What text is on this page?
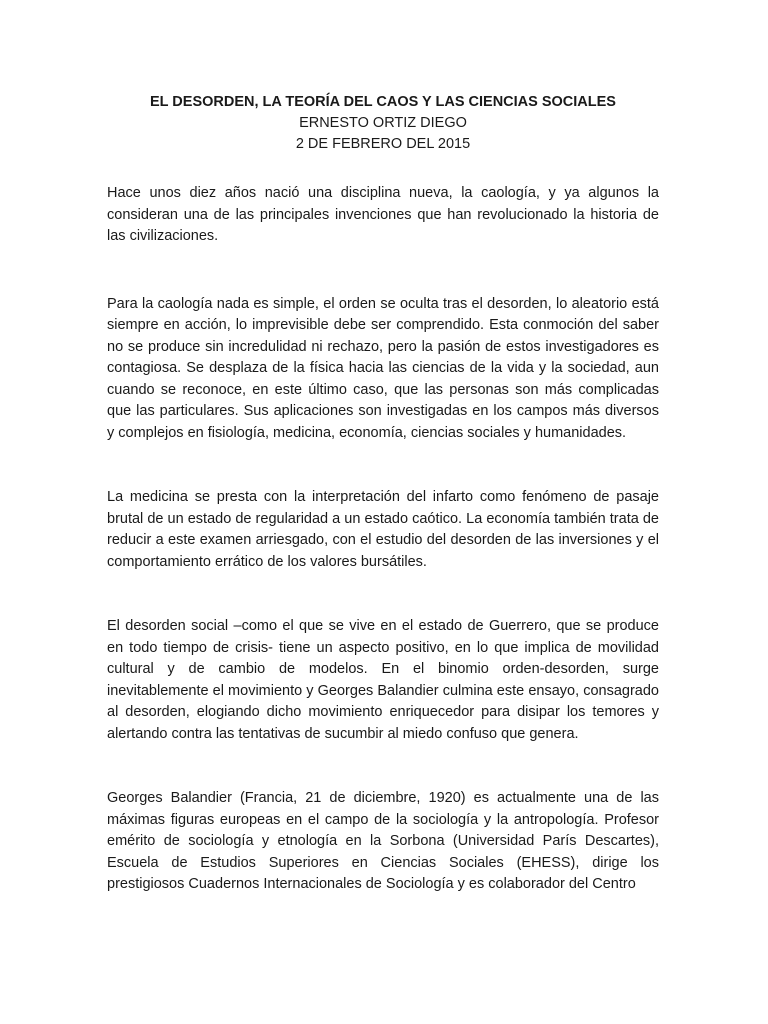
EL DESORDEN, LA TEORÍA DEL CAOS Y LAS CIENCIAS SOCIALES
ERNESTO ORTIZ DIEGO
2 DE FEBRERO DEL 2015

Hace unos diez años nació una disciplina nueva, la caología, y ya algunos la consideran una de las principales invenciones que han revolucionado la historia de las civilizaciones.

Para la caología nada es simple, el orden se oculta tras el desorden, lo aleatorio está siempre en acción, lo imprevisible debe ser comprendido. Esta conmoción del saber no se produce sin incredulidad ni rechazo, pero la pasión de estos investigadores es contagiosa. Se desplaza de la física hacia las ciencias de la vida y la sociedad, aun cuando se reconoce, en este último caso, que las personas son más complicadas que las particulares. Sus aplicaciones son investigadas en los campos más diversos y complejos en fisiología, medicina, economía, ciencias sociales y humanidades.

La medicina se presta con la interpretación del infarto como fenómeno de pasaje brutal de un estado de regularidad a un estado caótico. La economía también trata de reducir a este examen arriesgado, con el estudio del desorden de las inversiones y el comportamiento errático de los valores bursátiles.

El desorden social –como el que se vive en el estado de Guerrero, que se produce en todo tiempo de crisis- tiene un aspecto positivo, en lo que implica de movilidad cultural y de cambio de modelos. En el binomio orden-desorden, surge inevitablemente el movimiento y Georges Balandier culmina este ensayo, consagrado al desorden, elogiando dicho movimiento enriquecedor para disipar los temores y alertando contra las tentativas de sucumbir al miedo confuso que genera.

Georges Balandier (Francia, 21 de diciembre, 1920) es actualmente una de las máximas figuras europeas en el campo de la sociología y la antropología. Profesor emérito de sociología y etnología en la Sorbona (Universidad París Descartes), Escuela de Estudios Superiores en Ciencias Sociales (EHESS), dirige los prestigiosos Cuadernos Internacionales de Sociología y es colaborador del Centro
